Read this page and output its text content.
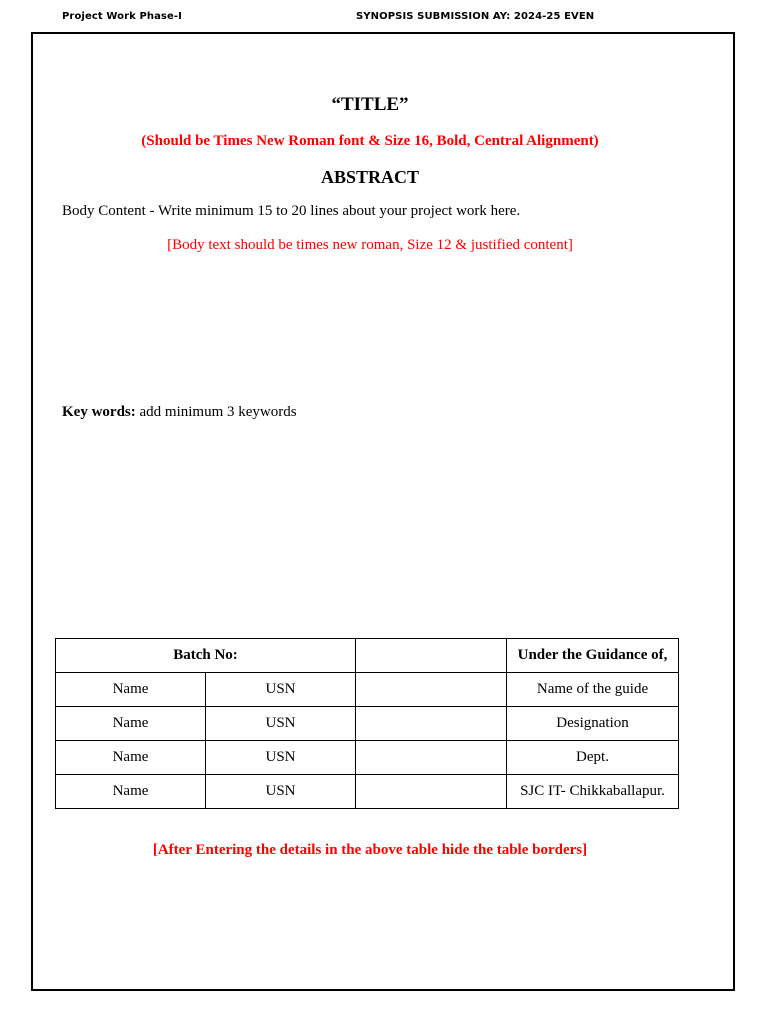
Project Work Phase-I	SYNOPSIS SUBMISSION AY: 2024-25 EVEN
“TITLE”
(Should be Times New Roman font & Size 16, Bold, Central Alignment)
ABSTRACT
Body Content - Write minimum 15 to 20 lines about your project work here.
[Body text should be times new roman, Size 12 & justified content]
Key words: add minimum 3 keywords
Batch No:			Under the Guidance of,
Name	USN		Name of the guide
Name	USN		Designation
Name	USN		Dept.
Name	USN		SJC IT- Chikkaballapur.
[After Entering the details in the above table hide the table borders]
